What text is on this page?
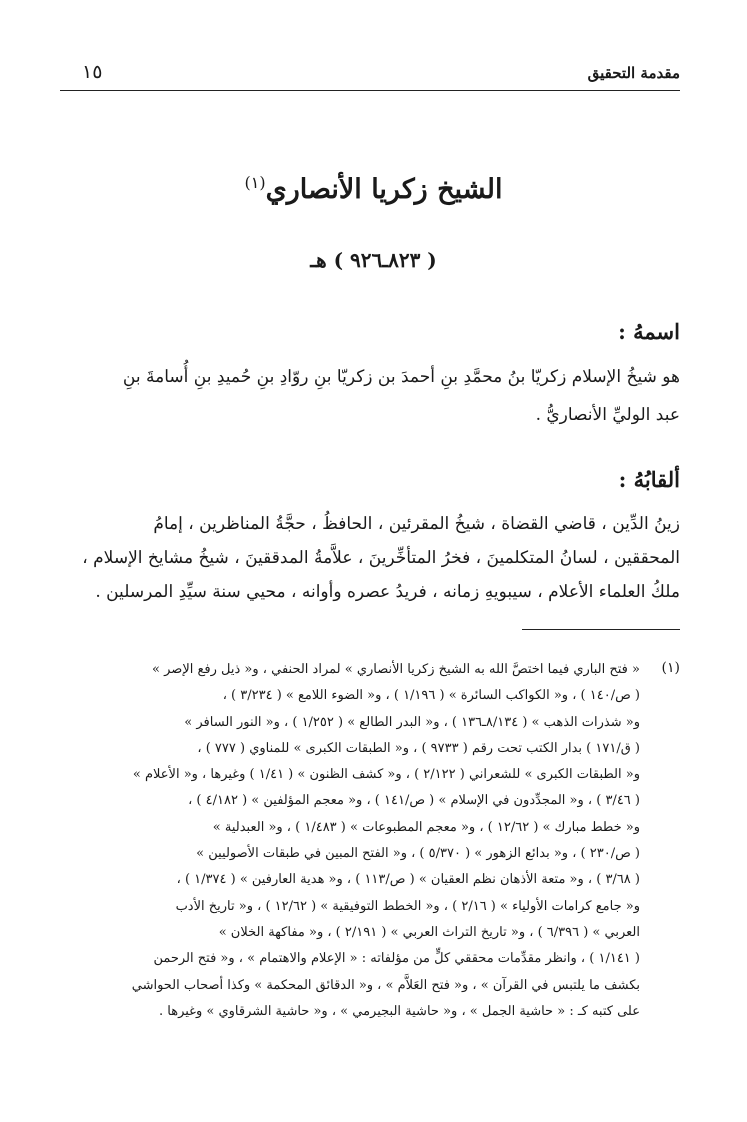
مقدمة التحقيق
١٥
الشيخ زكريا الأنصاري$^{(١)}$
( ٨٢٣ـ٩٢٦ ) هـ
اسمهُ :
هو شيخُ الإسلام زكريّا بنُ محمَّدِ بنِ أحمدَ بن زكريّا بنِ روّادِ بنِ حُميدِ بنِ أُسامةَ بنِ
عبد الوليِّ الأنصاريُّ .
ألقابُهُ :
زينُ الدِّين ، قاضي القضاة ، شيخُ المقرئين ، الحافظُ ، حجَّةُ المناظرين ، إمامُ
المحققين ، لسانُ المتكلمينَ ، فخرُ المتأخِّرينَ ، علاَّمةُ المدققينَ ، شيخُ مشايخ الإسلام ،
ملكُ العلماء الأعلام ، سيبويهِ زمانه ، فريدُ عصره وأوانه ، محيي سنة سيِّدِ المرسلين .
(١)
« فتح الباري فيما اختصَّ الله به الشيخ زكريا الأنصاري » لمراد الحنفي ، و« ذيل رفع الإصر »
( ص/١٤٠ ) ، و« الكواكب السائرة » ( ١/١٩٦ ) ، و« الضوء اللامع » ( ٣/٢٣٤ ) ،
و« شذرات الذهب » ( ٨/١٣٤ـ١٣٦ ) ، و« البدر الطالع » ( ١/٢٥٢ ) ، و« النور السافر »
( ق/١٧١ ) بدار الكتب تحت رقم ( ٩٧٣٣ ) ، و« الطبقات الكبرى » للمناوي ( ٧٧٧ ) ،
و« الطبقات الكبرى » للشعراني ( ٢/١٢٢ ) ، و« كشف الظنون » ( ١/٤١ ) وغيرها ، و« الأعلام »
( ٣/٤٦ ) ، و« المجدِّدون في الإسلام » ( ص/١٤١ ) ، و« معجم المؤلفين » ( ٤/١٨٢ ) ،
و« خطط مبارك » ( ١٢/٦٢ ) ، و« معجم المطبوعات » ( ١/٤٨٣ ) ، و« العبدلية »
( ص/٢٣٠ ) ، و« بدائع الزهور » ( ٥/٣٧٠ ) ، و« الفتح المبين في طبقات الأصوليين »
( ٣/٦٨ ) ، و« متعة الأذهان نظم العقيان » ( ص/١١٣ ) ، و« هدية العارفين » ( ١/٣٧٤ ) ،
و« جامع كرامات الأولياء » ( ٢/١٦ ) ، و« الخطط التوفيقية » ( ١٢/٦٢ ) ، و« تاريخ الأدب
العربي » ( ٦/٣٩٦ ) ، و« تاريخ التراث العربي » ( ٢/١٩١ ) ، و« مفاكهة الخلان »
( ١/١٤١ ) ، وانظر مقدِّمات محققي كلٍّ من مؤلفاته : « الإعلام والاهتمام » ، و« فتح الرحمن
بكشف ما يلتبس في القرآن » ، و« فتح العَلاَّم » ، و« الدقائق المحكمة » وكذا أصحاب الحواشي
على كتبه كـ : « حاشية الجمل » ، و« حاشية البجيرمي » ، و« حاشية الشرقاوي » وغيرها .
